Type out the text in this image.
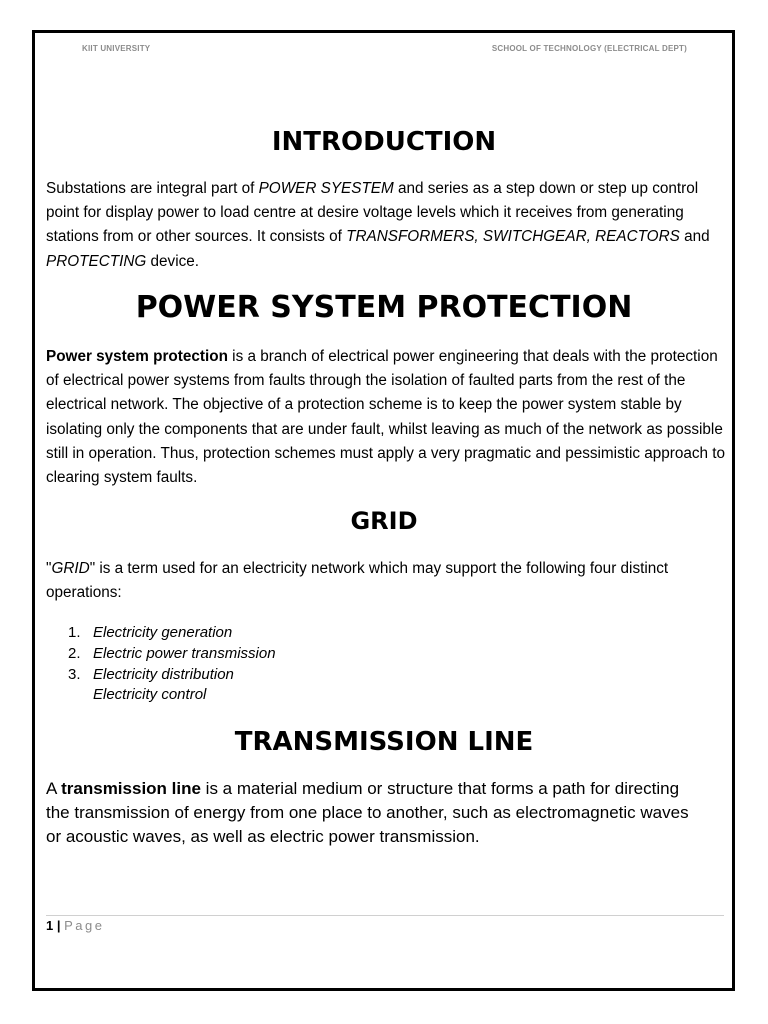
KIIT UNIVERSITY	SCHOOL OF TECHNOLOGY (ELECTRICAL DEPT)
INTRODUCTION

Substations are integral part of POWER SYESTEM and series as a step down or step up control point for display power to load centre at desire voltage levels which it receives from generating stations from or other sources. It consists of TRANSFORMERS, SWITCHGEAR, REACTORS and PROTECTING device.

POWER SYSTEM PROTECTION

Power system protection is a branch of electrical power engineering that deals with the protection of electrical power systems from faults through the isolation of faulted parts from the rest of the electrical network. The objective of a protection scheme is to keep the power system stable by isolating only the components that are under fault, whilst leaving as much of the network as possible still in operation. Thus, protection schemes must apply a very pragmatic and pessimistic approach to clearing system faults.

GRID

"GRID" is a term used for an electricity network which may support the following four distinct operations:

1. Electricity generation
2. Electric power transmission
3. Electricity distribution
Electricity control
TRANSMISSION LINE

A transmission line is a material medium or structure that forms a path for directing the transmission of energy from one place to another, such as electromagnetic waves or acoustic waves, as well as electric power transmission.

1 | Page
